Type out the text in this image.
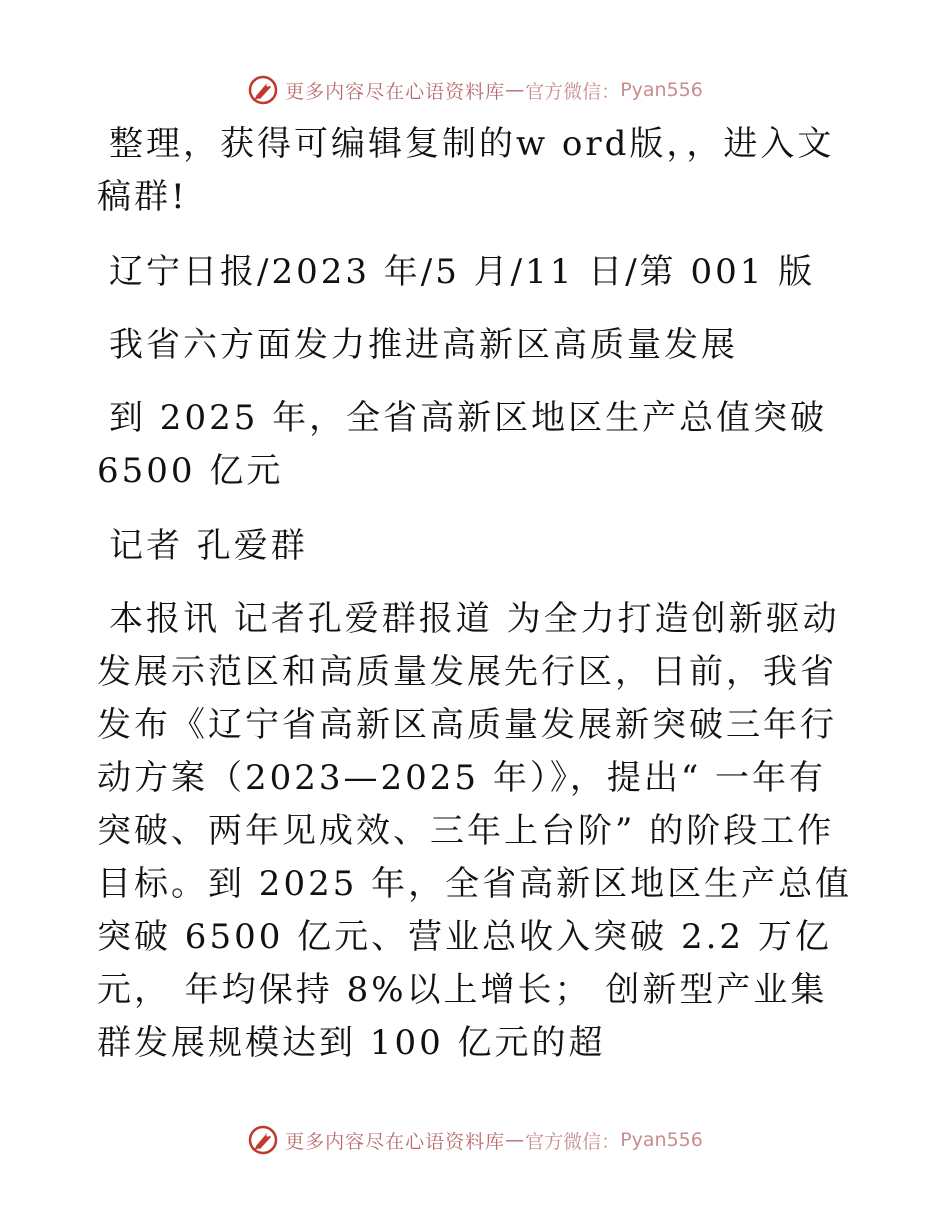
更多内容尽在心语资料库 — 官方微信： Pyan556

整理，获得可编辑复制的w ord版，，进入文稿群!

辽宁日报/2023 年/5 月/11 日/第 001 版

我省六方面发力推进高新区高质量发展

到 2025 年，全省高新区地区生产总值突破 6500 亿元

记者 孔爱群

本报讯 记者孔爱群报道 为全力打造创新驱动发展示范区和高质量发展先行区，日前，我省发布《辽宁省高新区高质量发展新突破三年行动方案（2023—2025 年）》，提出“ 一年有突破、两年见成效、三年上台阶” 的阶段工作目标。到 2025 年，全省高新区地区生产总值突破 6500 亿元、营业总收入突破 2.2 万亿元， 年均保持 8%以上增长； 创新型产业集群发展规模达到 100 亿元的超

更多内容尽在心语资料库 — 官方微信： Pyan556
